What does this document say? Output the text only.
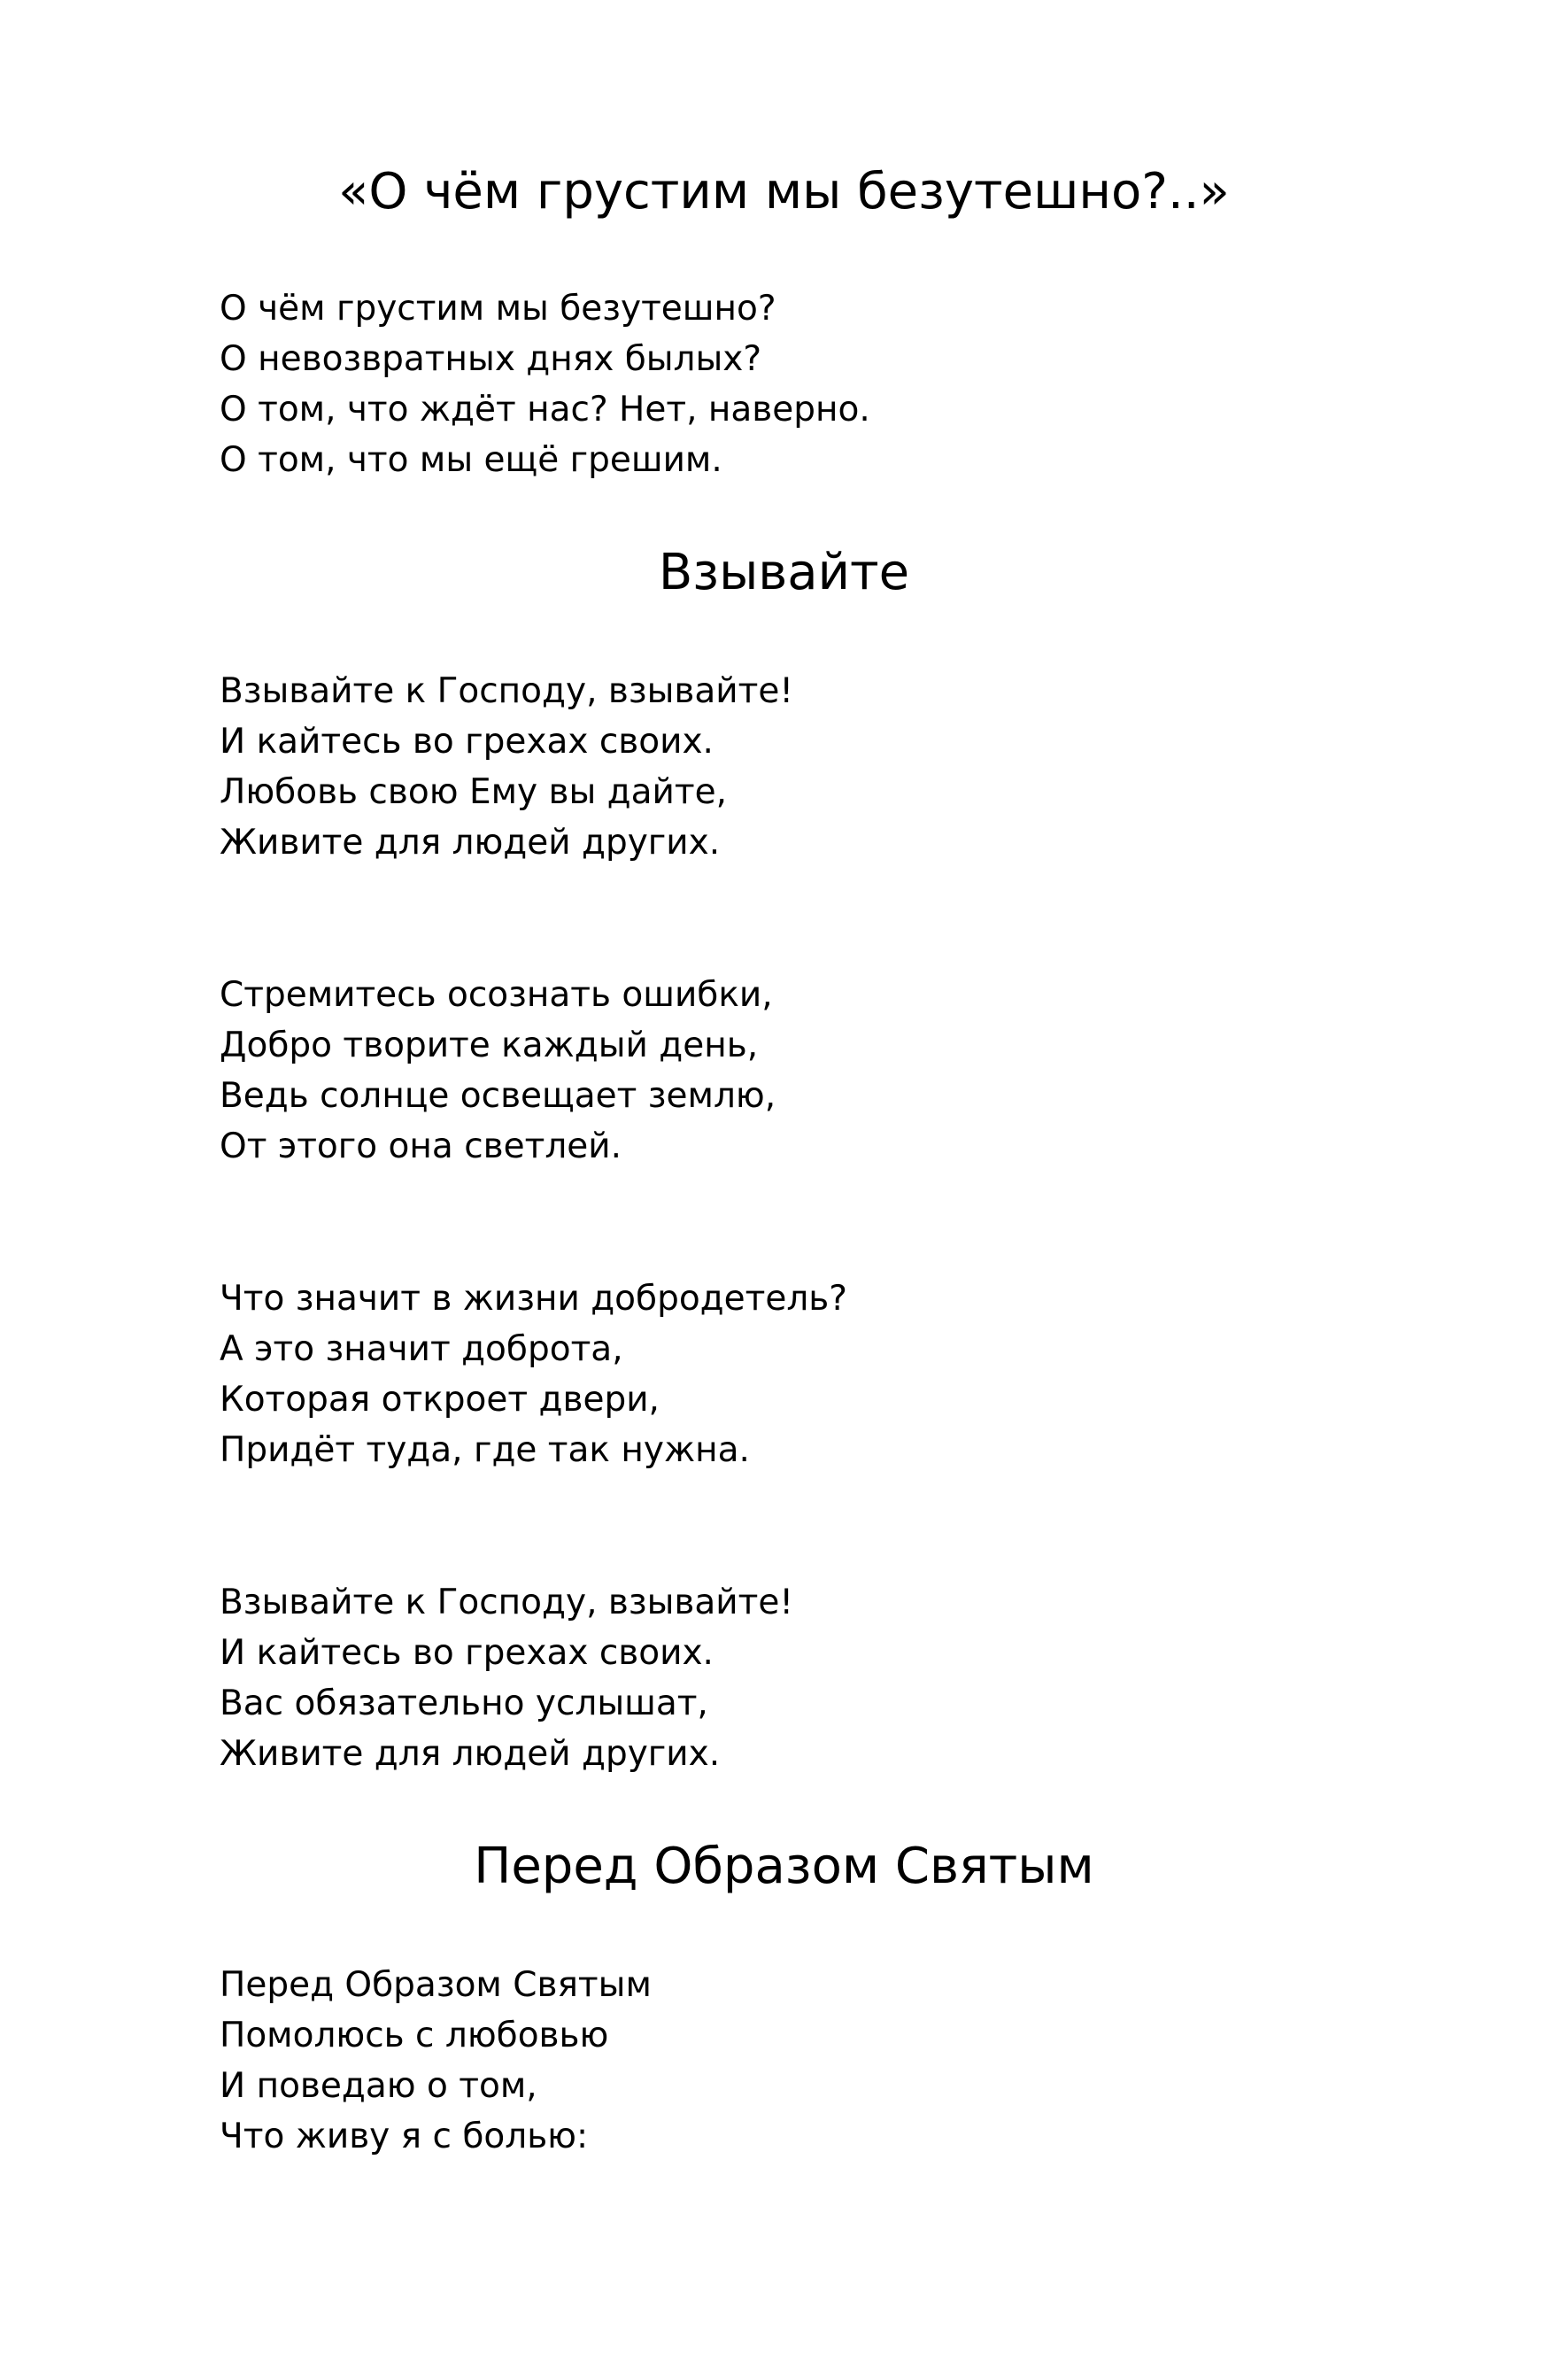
«О чём грустим мы безутешно?..»

О чём грустим мы безутешно?
О невозвратных днях былых?
О том, что ждёт нас? Нет, наверно.
О том, что мы ещё грешим.

Взывайте

Взывайте к Господу, взывайте!
И кайтесь во грехах своих.
Любовь свою Ему вы дайте,
Живите для людей других.

Стремитесь осознать ошибки,
Добро творите каждый день,
Ведь солнце освещает землю,
От этого она светлей.

Что значит в жизни добродетель?
А это значит доброта,
Которая откроет двери,
Придёт туда, где так нужна.

Взывайте к Господу, взывайте!
И кайтесь во грехах своих.
Вас обязательно услышат,
Живите для людей других.

Перед Образом Святым

Перед Образом Святым
Помолюсь с любовью
И поведаю о том,
Что живу я с болью:
